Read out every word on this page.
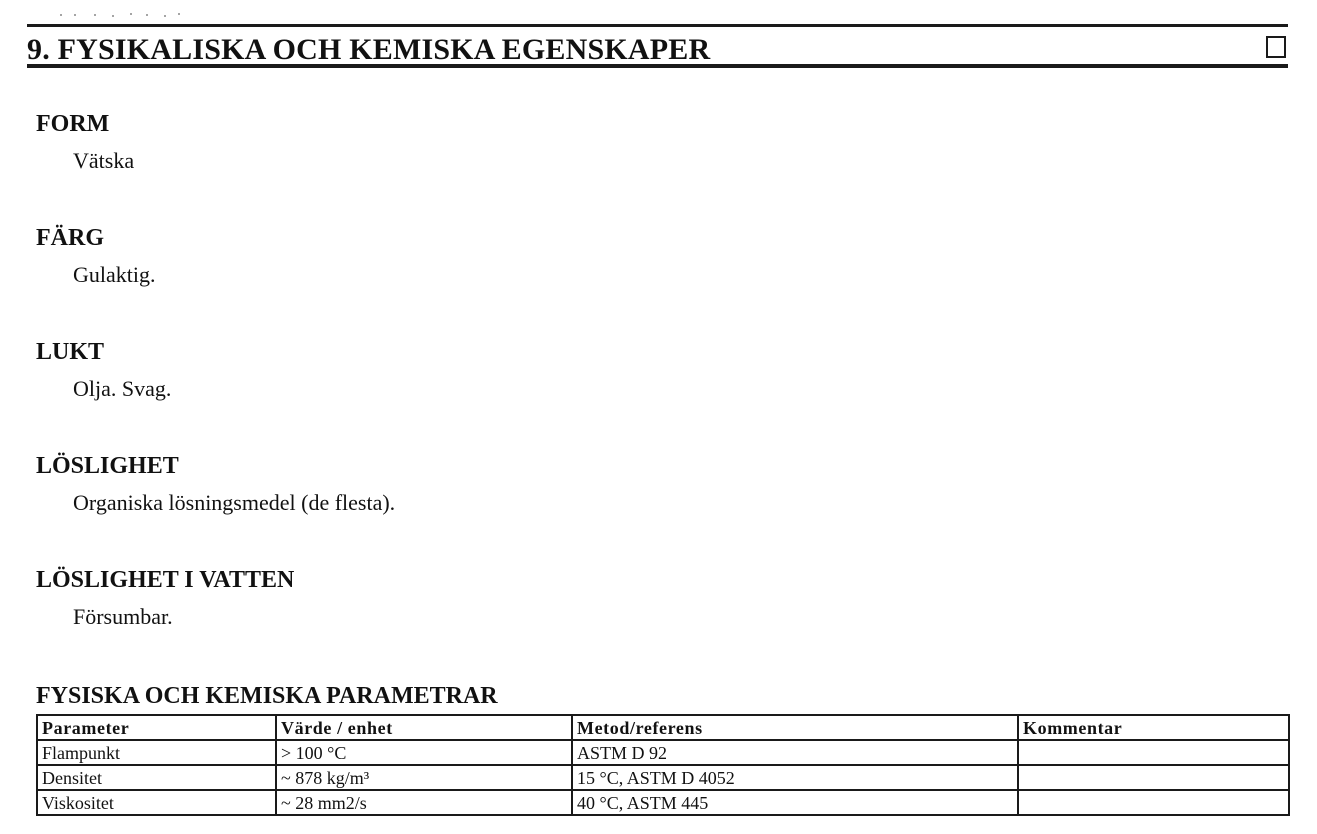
9. FYSIKALISKA OCH KEMISKA EGENSKAPER
FORM
Vätska
FÄRG
Gulaktig.
LUKT
Olja. Svag.
LÖSLIGHET
Organiska lösningsmedel (de flesta).
LÖSLIGHET I VATTEN
Försumbar.
FYSISKA OCH KEMISKA PARAMETRAR
Parameter	Värde / enhet	Metod/referens	Kommentar
Flampunkt	> 100 °C	ASTM D 92	
Densitet	~ 878 kg/m³	15 °C, ASTM D 4052	
Viskositet	~ 28 mm2/s	40 °C, ASTM 445	
